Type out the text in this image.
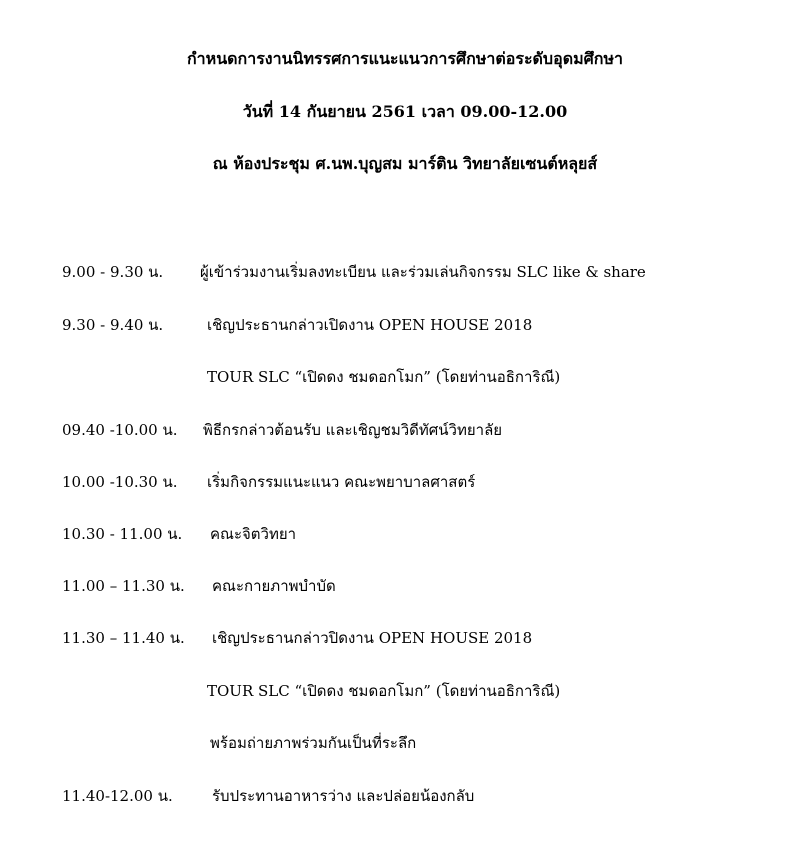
กำหนดการงานนิทรรศการแนะแนวการศึกษาต่อระดับอุดมศึกษา
วันที่ 14 กันยายน 2561 เวลา 09.00-12.00
ณ ห้องประชุม ศ.นพ.บุญสม มาร์ติน วิทยาลัยเซนต์หลุยส์
9.00 - 9.30 น. ผู้เข้าร่วมงานเริ่มลงทะเบียน และร่วมเล่นกิจกรรม SLC like & share
9.30 - 9.40 น.	เชิญประธานกล่าวเปิดงาน OPEN HOUSE 2018
TOUR SLC “เปิดดง ชมดอกโมก” (โดยท่านอธิการิณี)
09.40 -10.00 น. พิธีกรกล่าวต้อนรับ และเชิญชมวิดีทัศน์วิทยาลัย
10.00 -10.30 น. เริ่มกิจกรรมแนะแนว คณะพยาบาลศาสตร์
10.30 - 11.00 น. คณะจิตวิทยา
11.00 – 11.30 น. คณะกายภาพบำบัด
11.30 – 11.40 น. เชิญประธานกล่าวปิดงาน OPEN HOUSE 2018
TOUR SLC “เปิดดง ชมดอกโมก” (โดยท่านอธิการิณี)
พร้อมถ่ายภาพร่วมกันเป็นที่ระลึก
11.40-12.00 น.	รับประทานอาหารว่าง และปล่อยน้องกลับ
